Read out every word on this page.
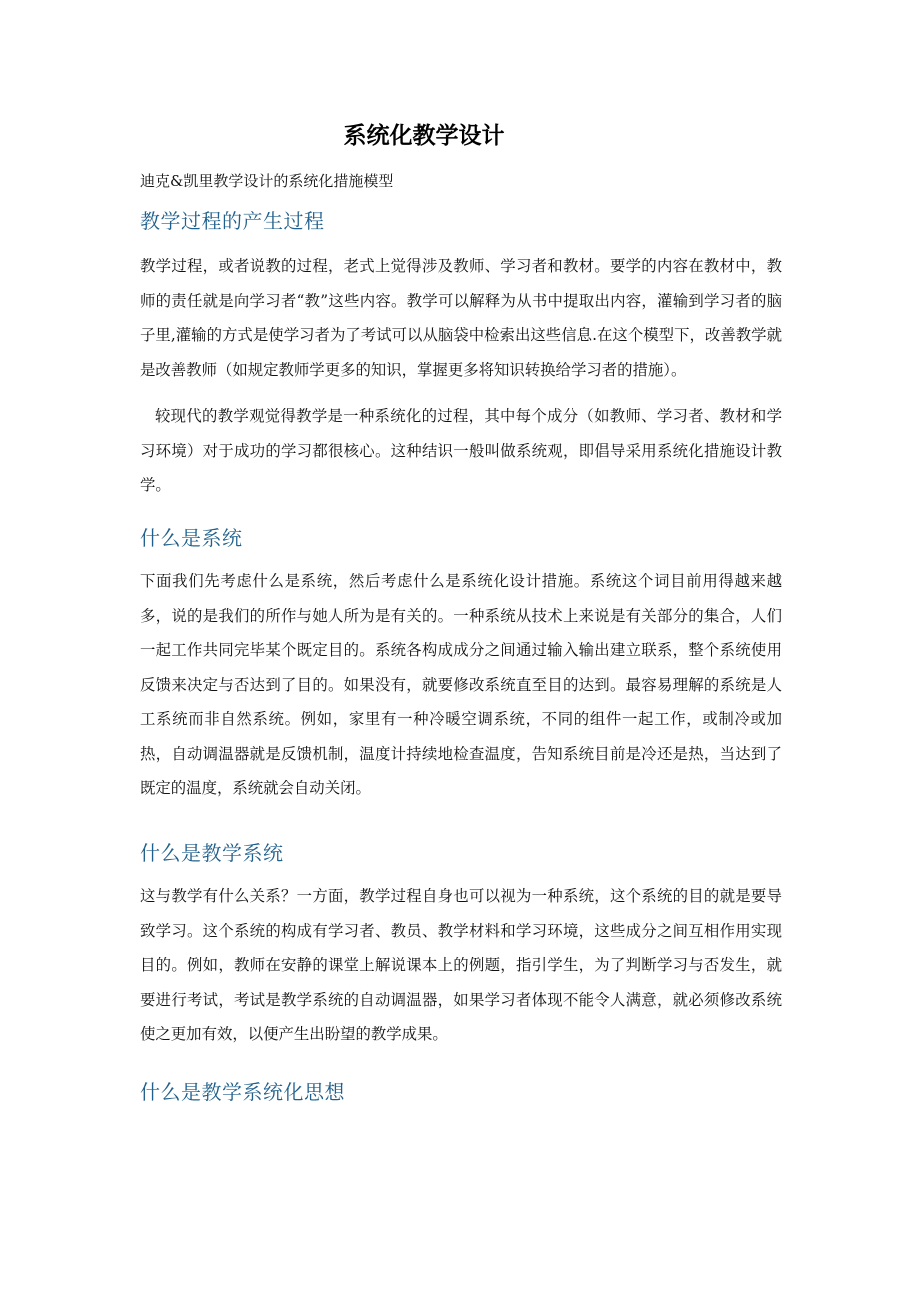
系统化教学设计
迪克&凯里教学设计的系统化措施模型
教学过程的产生过程
教学过程，或者说教的过程，老式上觉得涉及教师、学习者和教材。要学的内容在教材中，教师的责任就是向学习者“教”这些内容。教学可以解释为从书中提取出内容，灌输到学习者的脑子里,灌输的方式是使学习者为了考试可以从脑袋中检索出这些信息.在这个模型下，改善教学就是改善教师（如规定教师学更多的知识，掌握更多将知识转换给学习者的措施）。
较现代的教学观觉得教学是一种系统化的过程，其中每个成分（如教师、学习者、教材和学习环境）对于成功的学习都很核心。这种结识一般叫做系统观，即倡导采用系统化措施设计教学。
什么是系统
下面我们先考虑什么是系统，然后考虑什么是系统化设计措施。系统这个词目前用得越来越多，说的是我们的所作与她人所为是有关的。一种系统从技术上来说是有关部分的集合，人们一起工作共同完毕某个既定目的。系统各构成成分之间通过输入输出建立联系，整个系统使用反馈来决定与否达到了目的。如果没有，就要修改系统直至目的达到。最容易理解的系统是人工系统而非自然系统。例如，家里有一种冷暖空调系统，不同的组件一起工作，或制冷或加热，自动调温器就是反馈机制，温度计持续地检查温度，告知系统目前是冷还是热，当达到了既定的温度，系统就会自动关闭。
什么是教学系统
这与教学有什么关系？一方面，教学过程自身也可以视为一种系统，这个系统的目的就是要导致学习。这个系统的构成有学习者、教员、教学材料和学习环境，这些成分之间互相作用实现目的。例如，教师在安静的课堂上解说课本上的例题，指引学生，为了判断学习与否发生，就要进行考试，考试是教学系统的自动调温器，如果学习者体现不能令人满意，就必须修改系统使之更加有效，以便产生出盼望的教学成果。
什么是教学系统化思想
